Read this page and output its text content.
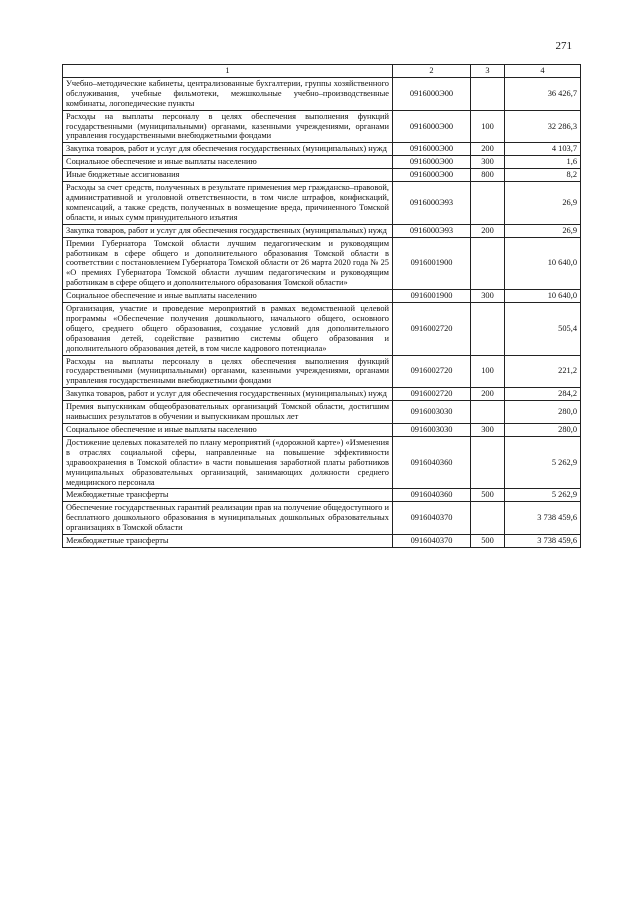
271
1	2	3	4
Учебно–методические кабинеты, централизованные бухгалтерии, группы хозяйственного обслуживания, учебные фильмотеки, межшкольные учебно–производственные комбинаты, логопедические пункты	0916000Э00		36 426,7
Расходы на выплаты персоналу в целях обеспечения выполнения функций государственными (муниципальными) органами, казенными учреждениями, органами управления государственными внебюджетными фондами	0916000Э00	100	32 286,3
Закупка товаров, работ и услуг для обеспечения государственных (муниципальных) нужд	0916000Э00	200	4 103,7
Социальное обеспечение и иные выплаты населению	0916000Э00	300	1,6
Иные бюджетные ассигнования	0916000Э00	800	8,2
Расходы за счет средств, полученных в результате применения мер гражданско–правовой, административной и уголовной ответственности, в том числе штрафов, конфискаций, компенсаций, а также средств, полученных в возмещение вреда, причиненного Томской области, и иных сумм принудительного изъятия	0916000Э93		26,9
Закупка товаров, работ и услуг для обеспечения государственных (муниципальных) нужд	0916000Э93	200	26,9
Премии Губернатора Томской области лучшим педагогическим и руководящим работникам в сфере общего и дополнительного образования Томской области в соответствии с постановлением Губернатора Томской области от 26 марта 2020 года № 25 «О премиях Губернатора Томской области лучшим педагогическим и руководящим работникам в сфере общего и дополнительного образования Томской области»	0916001900		10 640,0
Социальное обеспечение и иные выплаты населению	0916001900	300	10 640,0
Организация, участие и проведение мероприятий в рамках ведомственной целевой программы «Обеспечение получения дошкольного, начального общего, основного общего, среднего общего образования, создание условий для дополнительного образования детей, содействие развитию системы общего образования и дополнительного образования детей, в том числе кадрового потенциала»	0916002720		505,4
Расходы на выплаты персоналу в целях обеспечения выполнения функций государственными (муниципальными) органами, казенными учреждениями, органами управления государственными внебюджетными фондами	0916002720	100	221,2
Закупка товаров, работ и услуг для обеспечения государственных (муниципальных) нужд	0916002720	200	284,2
Премия выпускникам общеобразовательных организаций Томской области, достигшим наивысших результатов в обучении и выпускникам прошлых лет	0916003030		280,0
Социальное обеспечение и иные выплаты населению	0916003030	300	280,0
Достижение целевых показателей по плану мероприятий («дорожной карте») «Изменения в отраслях социальной сферы, направленные на повышение эффективности здравоохранения в Томской области» в части повышения заработной платы работников муниципальных образовательных организаций, занимающих должности среднего медицинского персонала	0916040360		5 262,9
Межбюджетные трансферты	0916040360	500	5 262,9
Обеспечение государственных гарантий реализации прав на получение общедоступного и бесплатного дошкольного образования в муниципальных дошкольных образовательных организациях в Томской области	0916040370		3 738 459,6
Межбюджетные трансферты	0916040370	500	3 738 459,6
